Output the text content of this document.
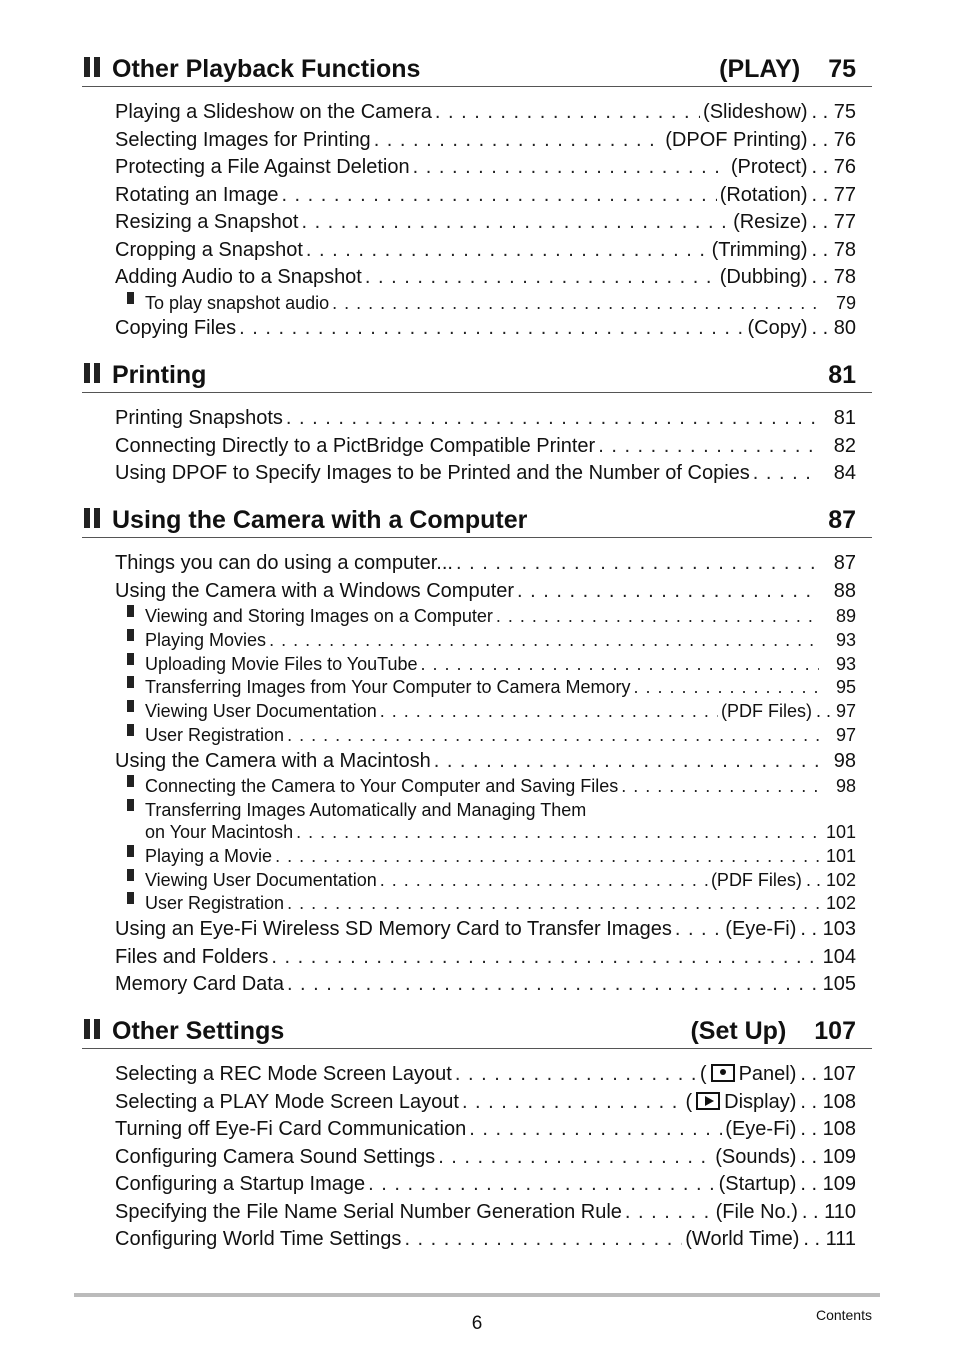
Other Playback Functions	(PLAY) 75
Playing a Slideshow on the Camera . . .	(Slideshow)	. . 75
Selecting Images for Printing . . .	(DPOF Printing)	. . 76
Protecting a File Against Deletion . . .	(Protect)	. . 76
Rotating an Image . . .	(Rotation)	. . 77
Resizing a Snapshot . . .	(Resize)	. . 77
Cropping a Snapshot . . .	(Trimming)	. . 78
Adding Audio to a Snapshot . . .	(Dubbing)	. . 78
To play snapshot audio . . .	79
Copying Files . . .	(Copy)	. . 80
Printing	81
Printing Snapshots . . .	81
Connecting Directly to a PictBridge Compatible Printer . . .	82
Using DPOF to Specify Images to be Printed and the Number of Copies . . .	84
Using the Camera with a Computer	87
Things you can do using a computer... . . .	87
Using the Camera with a Windows Computer . . .	88
Viewing and Storing Images on a Computer . . .	89
Playing Movies . . .	93
Uploading Movie Files to YouTube . . .	93
Transferring Images from Your Computer to Camera Memory . . .	95
Viewing User Documentation . . .	(PDF Files)	. . 97
User Registration . . .	97
Using the Camera with a Macintosh . . .	98
Connecting the Camera to Your Computer and Saving Files . . .	98
Transferring Images Automatically and Managing Them
on Your Macintosh . . .	101
Playing a Movie . . .	101
Viewing User Documentation . . .	(PDF Files)	. . 102
User Registration . . .	102
Using an Eye-Fi Wireless SD Memory Card to Transfer Images . . .	(Eye-Fi)	. . 103
Files and Folders . . .	104
Memory Card Data . . .	105
Other Settings	(Set Up) 107
Selecting a REC Mode Screen Layout . . .	( Panel)	. . 107
Selecting a PLAY Mode Screen Layout . . .	( Display)	. . 108
Turning off Eye-Fi Card Communication . . .	(Eye-Fi)	. . 108
Configuring Camera Sound Settings . . .	(Sounds)	. . 109
Configuring a Startup Image . . .	(Startup)	. . 109
Specifying the File Name Serial Number Generation Rule . . .	(File No.)	. . 110
Configuring World Time Settings . . .	(World Time)	. . 111
6	Contents
